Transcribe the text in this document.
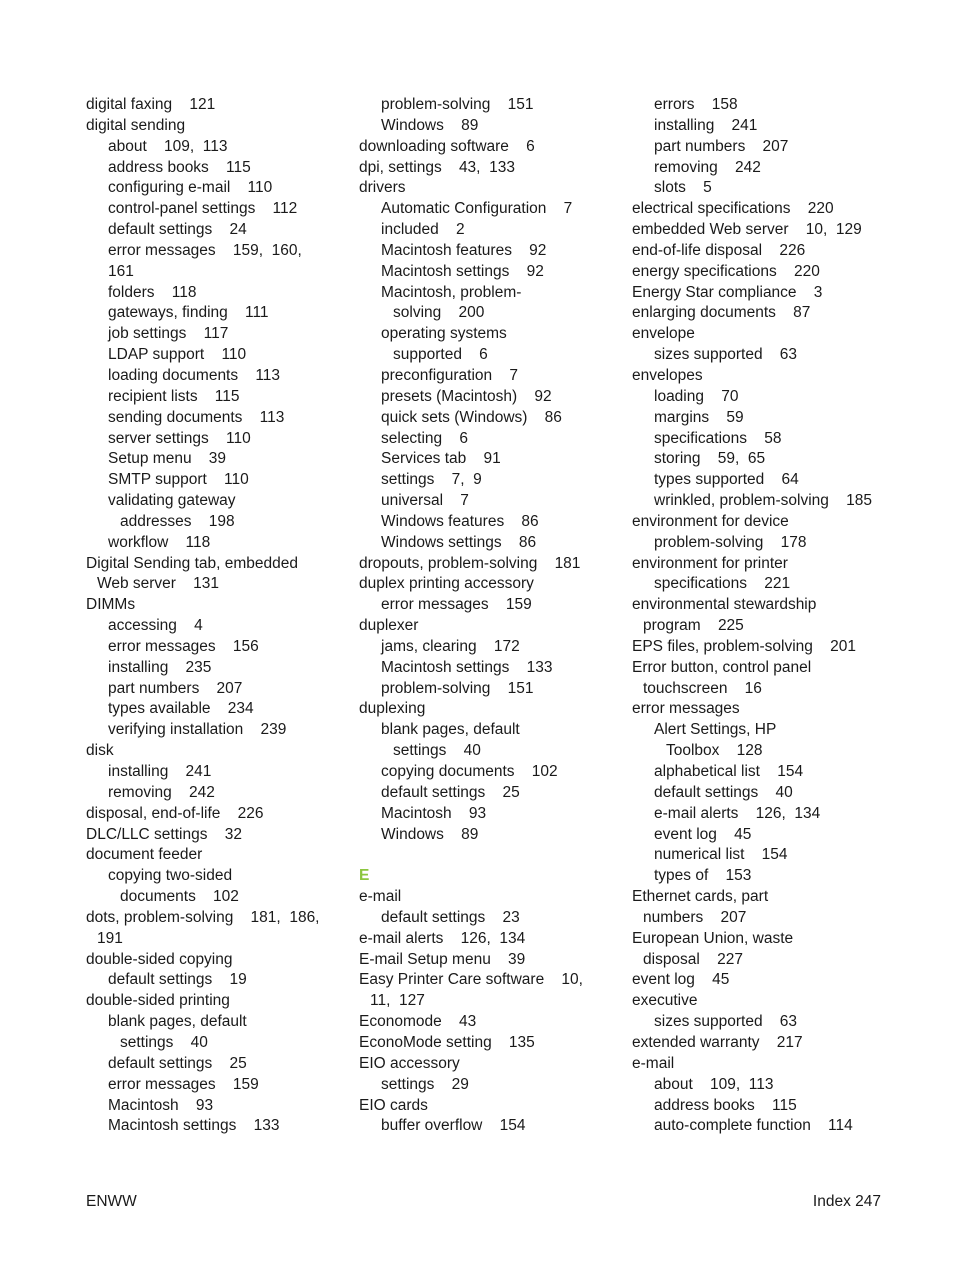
digital faxing    121
digital sending
about    109,  113
address books    115
configuring e-mail    110
control-panel settings    112
default settings    24
error messages    159,  160,
161
folders    118
gateways, finding    111
job settings    117
LDAP support    110
loading documents    113
recipient lists    115
sending documents    113
server settings    110
Setup menu    39
SMTP support    110
validating gateway
addresses    198
workflow    118
Digital Sending tab, embedded
Web server    131
DIMMs
accessing    4
error messages    156
installing    235
part numbers    207
types available    234
verifying installation    239
disk
installing    241
removing    242
disposal, end-of-life    226
DLC/LLC settings    32
document feeder
copying two-sided
documents    102
dots, problem-solving    181,  186,
191
double-sided copying
default settings    19
double-sided printing
blank pages, default
settings    40
default settings    25
error messages    159
Macintosh    93
Macintosh settings    133
problem-solving    151
Windows    89
downloading software    6
dpi, settings    43,  133
drivers
Automatic Configuration    7
included    2
Macintosh features    92
Macintosh settings    92
Macintosh, problem-
solving    200
operating systems
supported    6
preconfiguration    7
presets (Macintosh)    92
quick sets (Windows)    86
selecting    6
Services tab    91
settings    7,  9
universal    7
Windows features    86
Windows settings    86
dropouts, problem-solving    181
duplex printing accessory
error messages    159
duplexer
jams, clearing    172
Macintosh settings    133
problem-solving    151
duplexing
blank pages, default
settings    40
copying documents    102
default settings    25
Macintosh    93
Windows    89
E
e-mail
default settings    23
e-mail alerts    126,  134
E-mail Setup menu    39
Easy Printer Care software    10,
11,  127
Economode    43
EconoMode setting    135
EIO accessory
settings    29
EIO cards
buffer overflow    154
errors    158
installing    241
part numbers    207
removing    242
slots    5
electrical specifications    220
embedded Web server    10,  129
end-of-life disposal    226
energy specifications    220
Energy Star compliance    3
enlarging documents    87
envelope
sizes supported    63
envelopes
loading    70
margins    59
specifications    58
storing    59,  65
types supported    64
wrinkled, problem-solving    185
environment for device
problem-solving    178
environment for printer
specifications    221
environmental stewardship
program    225
EPS files, problem-solving    201
Error button, control panel
touchscreen    16
error messages
Alert Settings, HP
Toolbox    128
alphabetical list    154
default settings    40
e-mail alerts    126,  134
event log    45
numerical list    154
types of    153
Ethernet cards, part
numbers    207
European Union, waste
disposal    227
event log    45
executive
sizes supported    63
extended warranty    217
e-mail
about    109,  113
address books    115
auto-complete function    114
ENWW	Index 247
